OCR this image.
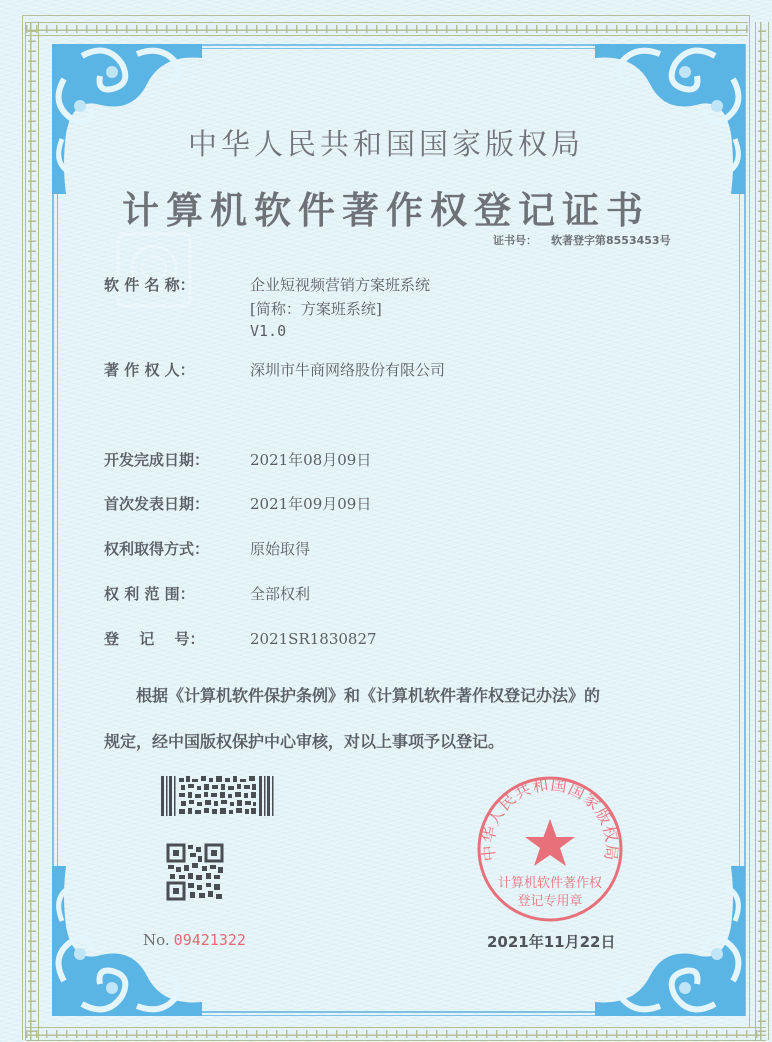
中华人民共和国国家版权局
计算机软件著作权登记证书
证书号： 软著登字第8553453号
软 件 名 称：	企业短视频营销方案班系统
[简称：方案班系统]
V1.0
著 作 权 人：	深圳市牛商网络股份有限公司
开发完成日期：	2021年08月09日
首次发表日期：	2021年09月09日
权利取得方式：	原始取得
权 利 范 围：	全部权利
登　 记　 号：	2021SR1830827
根据《计算机软件保护条例》和《计算机软件著作权登记办法》的
规定，经中国版权保护中心审核，对以上事项予以登记。
中华人民共和国国家版权局
计算机软件著作权
登记专用章
No. 09421322	2021年11月22日
